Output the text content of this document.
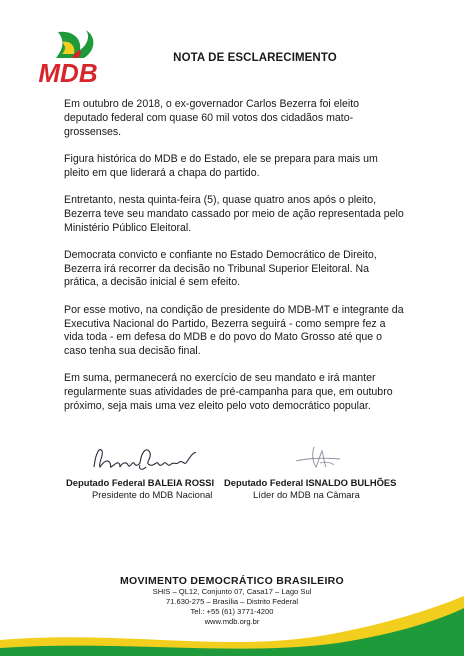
MDB	NOTA DE ESCLARECIMENTO

Em outubro de 2018, o ex-governador Carlos Bezerra foi eleito deputado federal com quase 60 mil votos dos cidadãos mato-grossenses.

Figura histórica do MDB e do Estado, ele se prepara para mais um pleito em que liderará a chapa do partido.

Entretanto, nesta quinta-feira (5), quase quatro anos após o pleito, Bezerra teve seu mandato cassado por meio de ação representada pelo Ministério Público Eleitoral.

Democrata convicto e confiante no Estado Democrático de Direito, Bezerra irá recorrer da decisão no Tribunal Superior Eleitoral. Na prática, a decisão inicial é sem efeito.

Por esse motivo, na condição de presidente do MDB-MT e integrante da Executiva Nacional do Partido, Bezerra seguirá - como sempre fez a vida toda - em defesa do MDB e do povo do Mato Grosso até que o caso tenha sua decisão final.

Em suma, permanecerá no exercício de seu mandato e irá manter regularmente suas atividades de pré-campanha para que, em outubro próximo, seja mais uma vez eleito pelo voto democrático popular.

Deputado Federal BALEIA ROSSI
Presidente do MDB Nacional
Deputado Federal ISNALDO BULHÕES
Líder do MDB na Câmara
MOVIMENTO DEMOCRÁTICO BRASILEIRO
SHIS – QL12, Conjunto 07, Casa17 – Lago Sul
71.630-275 – Brasília – Distrito Federal
Tel.: +55 (61) 3771-4200
www.mdb.org.br
